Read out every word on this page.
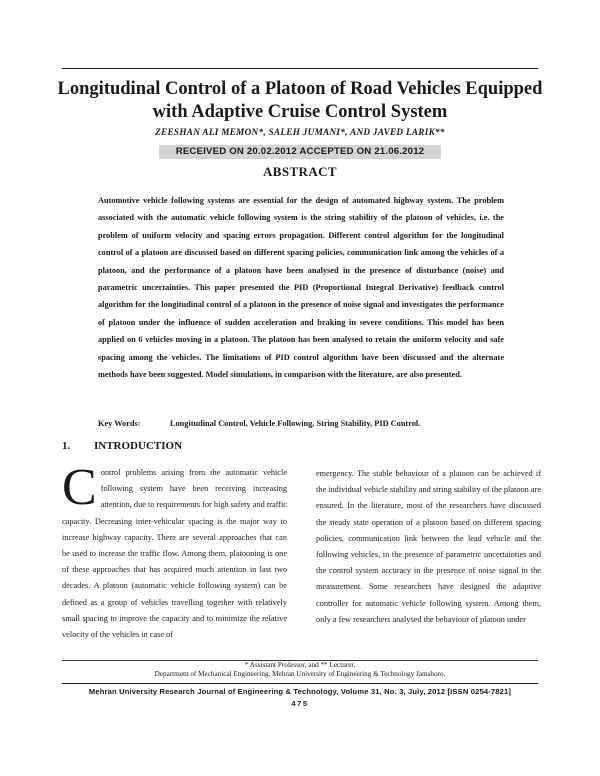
Longitudinal Control of a Platoon of Road Vehicles Equipped
with Adaptive Cruise Control System
ZEESHAN ALI MEMON*, SALEH JUMANI*, AND JAVED LARIK**
RECEIVED ON 20.02.2012 ACCEPTED ON 21.06.2012
ABSTRACT
Automotive vehicle following systems are essential for the design of automated highway system. The problem associated with the automatic vehicle following system is the string stability of the platoon of vehicles, i.e. the problem of uniform velocity and spacing errors propagation. Different control algorithm for the longitudinal control of a platoon are discussed based on different spacing policies, communication link among the vehicles of a platoon, and the performance of a platoon have been analysed in the presence of disturbance (noise) and parametric uncertainties. This paper presented the PID (Proportional Integral Derivative) feedback control algorithm for the longitudinal control of a platoon in the presence of noise signal and investigates the performance of platoon under the influence of sudden acceleration and braking in severe conditions. This model has been applied on 6 vehicles moving in a platoon. The platoon has been analysed to retain the uniform velocity and safe spacing among the vehicles. The limitations of PID control algorithm have been discussed and the alternate methods have been suggested. Model simulations, in comparison with the literature, are also presented.
Key Words:	Longitudinal Control, Vehicle Following, String Stability, PID Control.
1. INTRODUCTION
Control problems arising from the automatic vehicle following system have been receiving increasing attention, due to requirements for high safety and traffic capacity. Decreasing inter-vehicular spacing is the major way to increase highway capacity. There are several approaches that can be used to increase the traffic flow. Among them, platooning is one of these approaches that has acquired much attention in last two decades. A platoon (automatic vehicle following system) can be defined as a group of vehicles travelling together with relatively small spacing to improve the capacity and to minimize the relative velocity of the vehicles in case of
emergency. The stable behaviour of a platoon can be achieved if the individual vehicle stability and string stability of the platoon are ensured. In the literature, most of the researchers have discussed the steady state operation of a platoon based on different spacing policies, communication link between the lead vehicle and the following vehicles, in the presence of parametric uncertainties and the control system accuracy in the presence of noise signal in the measurement. Some researchers have designed the adaptive controller for automatic vehicle following system. Among them, only a few researchers analysed the behaviour of platoon under
* Assistant Professor, and ** Lecturer,
Department of Mechanical Engineering, Mehran University of Engineering & Technology Jamshoro.
Mehran University Research Journal of Engineering & Technology, Volume 31, No. 3, July, 2012 [ISSN 0254-7821]
475
